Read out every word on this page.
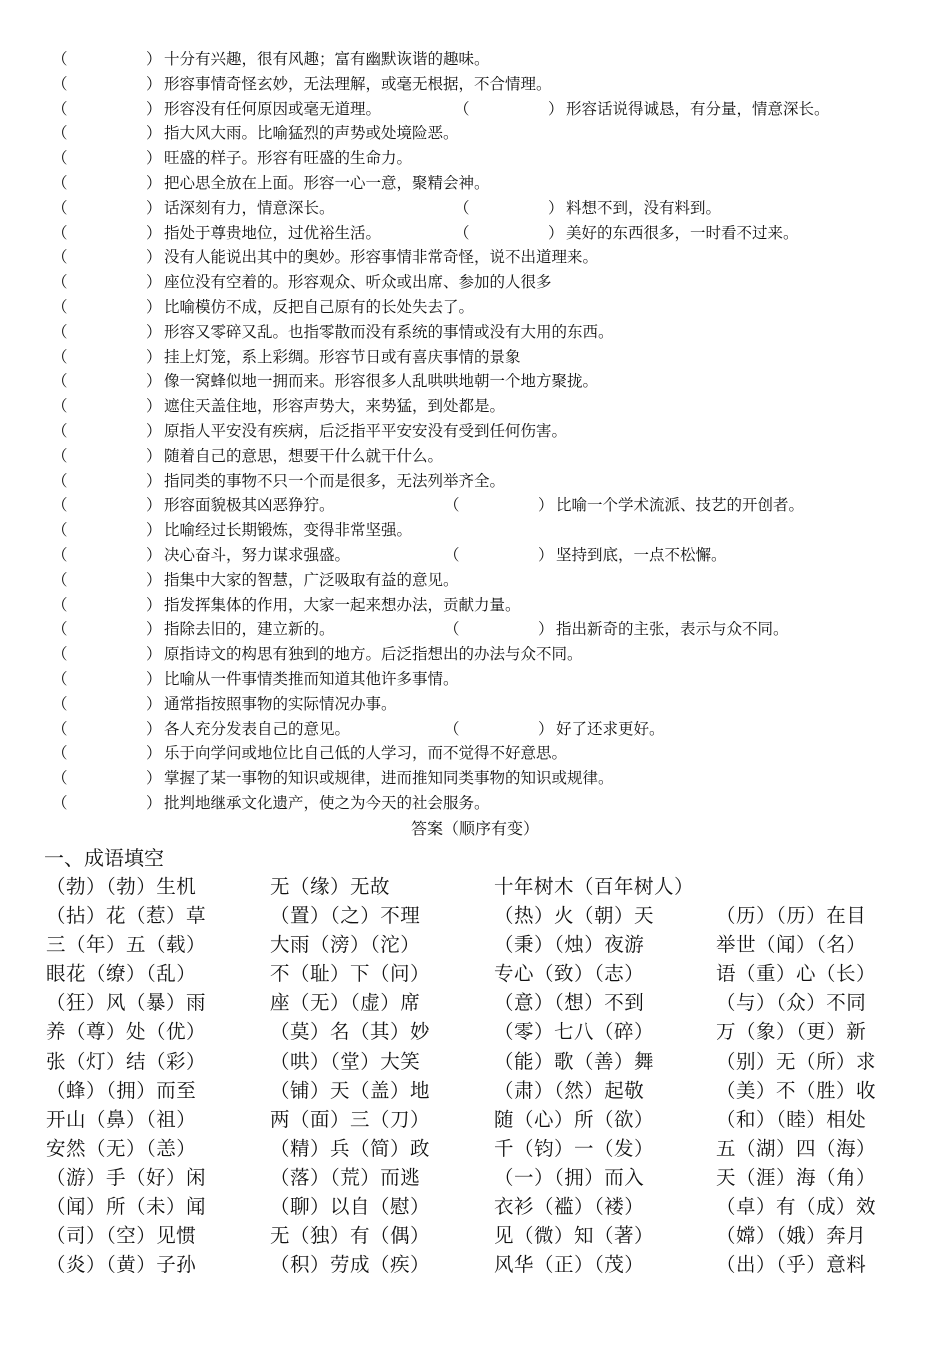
（	） 十分有兴趣，很有风趣；富有幽默诙谐的趣味。
（	） 形容事情奇怪玄妙，无法理解，或毫无根据，不合情理。
（	） 形容没有任何原因或毫无道理。	（	） 形容话说得诚恳，有分量，情意深长。
（	） 指大风大雨。比喻猛烈的声势或处境险恶。
（	） 旺盛的样子。形容有旺盛的生命力。
（	） 把心思全放在上面。形容一心一意，聚精会神。
（	） 话深刻有力，情意深长。	（	） 料想不到，没有料到。
（	） 指处于尊贵地位，过优裕生活。	（	） 美好的东西很多，一时看不过来。
（	） 没有人能说出其中的奥妙。形容事情非常奇怪，说不出道理来。
（	） 座位没有空着的。形容观众、听众或出席、参加的人很多
（	） 比喻模仿不成，反把自己原有的长处失去了。
（	） 形容又零碎又乱。也指零散而没有系统的事情或没有大用的东西。
（	） 挂上灯笼，系上彩绸。形容节日或有喜庆事情的景象
（	） 像一窝蜂似地一拥而来。形容很多人乱哄哄地朝一个地方聚拢。
（	） 遮住天盖住地，形容声势大，来势猛，到处都是。
（	） 原指人平安没有疾病，后泛指平平安安没有受到任何伤害。
（	） 随着自己的意思，想要干什么就干什么。
（	） 指同类的事物不只一个而是很多，无法列举齐全。
（	） 形容面貌极其凶恶狰狞。	（	） 比喻一个学术流派、技艺的开创者。
（	） 比喻经过长期锻炼，变得非常坚强。
（	） 决心奋斗，努力谋求强盛。	（	） 坚持到底，一点不松懈。
（	） 指集中大家的智慧，广泛吸取有益的意见。
（	） 指发挥集体的作用，大家一起来想办法，贡献力量。
（	） 指除去旧的，建立新的。	（	） 指出新奇的主张，表示与众不同。
（	） 原指诗文的构思有独到的地方。后泛指想出的办法与众不同。
（	） 比喻从一件事情类推而知道其他许多事情。
（	） 通常指按照事物的实际情况办事。
（	） 各人充分发表自己的意见。	（	） 好了还求更好。
（	） 乐于向学问或地位比自己低的人学习，而不觉得不好意思。
（	） 掌握了某一事物的知识或规律，进而推知同类事物的知识或规律。
（	） 批判地继承文化遗产，使之为今天的社会服务。
答案（顺序有变）
一、成语填空
（勃）（勃）生机	无（缘）无故	十年树木（百年树人）
（拈）花（惹）草	（置）（之）不理	（热）火（朝）天	（历）（历）在目
三（年）五（载）	大雨（滂）（沱）	（秉）（烛）夜游	举世（闻）（名）
眼花（缭）（乱）	不（耻）下（问）	专心（致）（志）	语（重）心（长）
（狂）风（暴）雨	座（无）（虚）席	（意）（想）不到	（与）（众）不同
养（尊）处（优）	（莫）名（其）妙	（零）七八（碎）	万（象）（更）新
张（灯）结（彩）	（哄）（堂）大笑	（能）歌（善）舞	（别）无（所）求
（蜂）（拥）而至	（铺）天（盖）地	（肃）（然）起敬	（美）不（胜）收
开山（鼻）（祖）	两（面）三（刀）	随（心）所（欲）	（和）（睦）相处
安然（无）（恙）	（精）兵（简）政	千（钧）一（发）	五（湖）四（海）
（游）手（好）闲	（落）（荒）而逃	（一）（拥）而入	天（涯）海（角）
（闻）所（未）闻	（聊）以自（慰）	衣衫（褴）（褛）	（卓）有（成）效
（司）（空）见惯	无（独）有（偶）	见（微）知（著）	（嫦）（娥）奔月
（炎）（黄）子孙	（积）劳成（疾）	风华（正）（茂）	（出）（乎）意料
